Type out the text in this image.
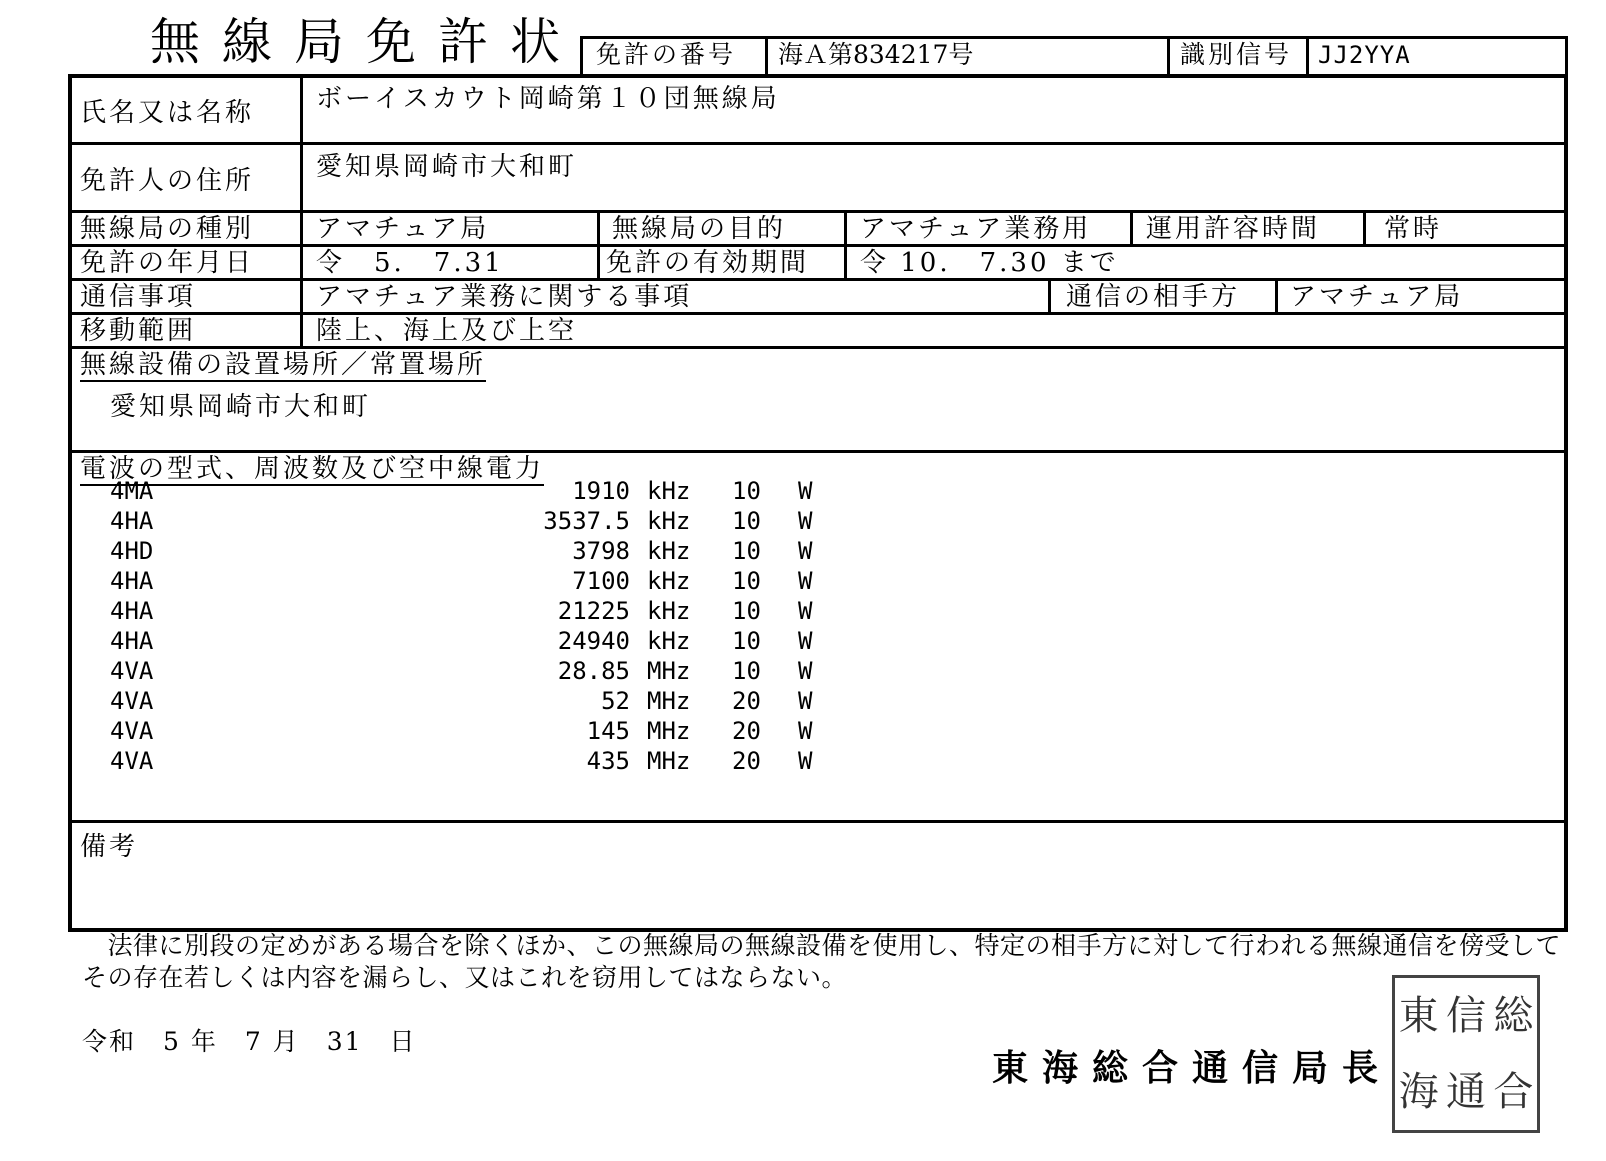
無線局免許状 免許の番号 海Ａ第834217号	識別信号 JJ2YYA
氏名又は名称 ボーイスカウト岡崎第１０団無線局
免許人の住所 愛知県岡崎市大和町
無線局の種別 アマチュア局	無線局の目的	アマチュア業務用 運用許容時間 常時
免許の年月日 令　5.　7.31	免許の有効期間 令 10.　7.30 まで
通信事項	アマチュア業務に関する事項	通信の相手方 アマチュア局
移動範囲	陸上、海上及び上空
無線設備の設置場所／常置場所
愛知県岡崎市大和町
電波の型式、周波数及び空中線電力
4MA	1910 kHz 10 W
4HA	3537.5 kHz 10 W
4HD	3798 kHz 10 W
4HA	7100 kHz 10 W
4HA	21225 kHz 10 W
4HA	24940 kHz 10 W
4VA	28.85 MHz 10 W
4VA	52 MHz 20 W
4VA	145 MHz 20 W
4VA	435 MHz 20 W
備考
　法律に別段の定めがある場合を除くほか、この無線局の無線設備を使用し、特定の相手方に対して行われる無線通信を傍受してその存在若しくは内容を漏らし、又はこれを窃用してはならない。
令和　5 年　7 月　31　日
東海総合通信局長
東 信 総
海 通 合
